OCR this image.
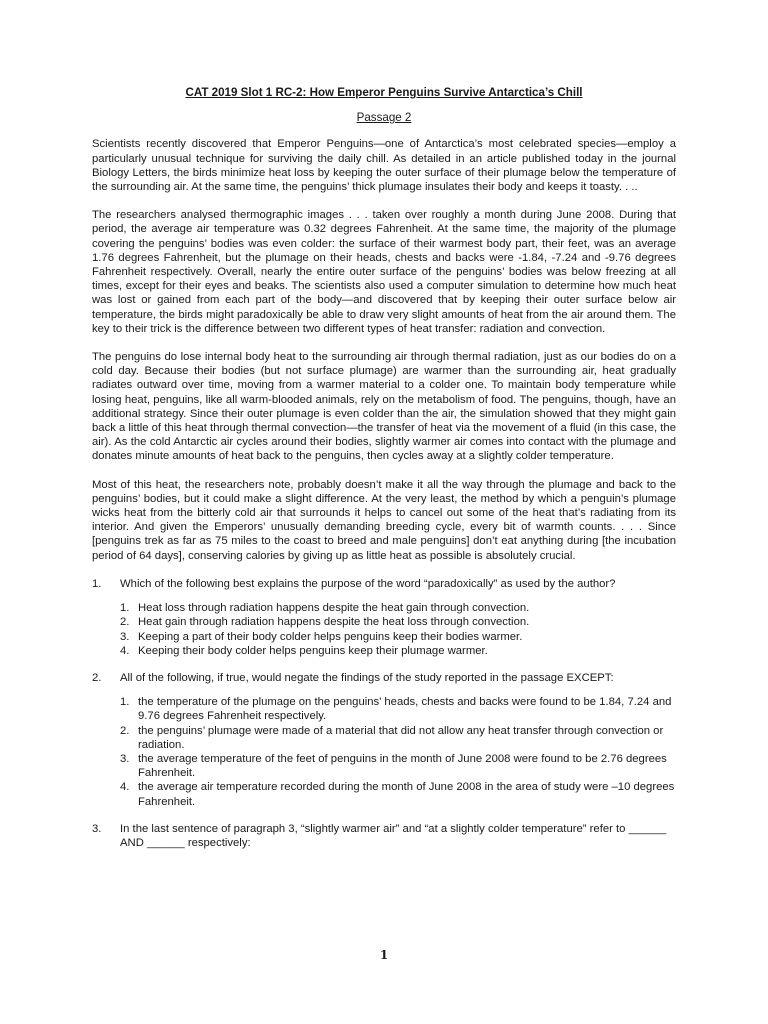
CAT 2019 Slot 1 RC-2: How Emperor Penguins Survive Antarctica’s Chill
Passage 2

Scientists recently discovered that Emperor Penguins—one of Antarctica’s most celebrated species—employ a particularly unusual technique for surviving the daily chill. As detailed in an article published today in the journal Biology Letters, the birds minimize heat loss by keeping the outer surface of their plumage below the temperature of the surrounding air. At the same time, the penguins’ thick plumage insulates their body and keeps it toasty. . ..

The researchers analysed thermographic images . . . taken over roughly a month during June 2008. During that period, the average air temperature was 0.32 degrees Fahrenheit. At the same time, the majority of the plumage covering the penguins’ bodies was even colder: the surface of their warmest body part, their feet, was an average 1.76 degrees Fahrenheit, but the plumage on their heads, chests and backs were -1.84, -7.24 and -9.76 degrees Fahrenheit respectively. Overall, nearly the entire outer surface of the penguins’ bodies was below freezing at all times, except for their eyes and beaks. The scientists also used a computer simulation to determine how much heat was lost or gained from each part of the body—and discovered that by keeping their outer surface below air temperature, the birds might paradoxically be able to draw very slight amounts of heat from the air around them. The key to their trick is the difference between two different types of heat transfer: radiation and convection.

The penguins do lose internal body heat to the surrounding air through thermal radiation, just as our bodies do on a cold day. Because their bodies (but not surface plumage) are warmer than the surrounding air, heat gradually radiates outward over time, moving from a warmer material to a colder one. To maintain body temperature while losing heat, penguins, like all warm-blooded animals, rely on the metabolism of food. The penguins, though, have an additional strategy. Since their outer plumage is even colder than the air, the simulation showed that they might gain back a little of this heat through thermal convection—the transfer of heat via the movement of a fluid (in this case, the air). As the cold Antarctic air cycles around their bodies, slightly warmer air comes into contact with the plumage and donates minute amounts of heat back to the penguins, then cycles away at a slightly colder temperature.

Most of this heat, the researchers note, probably doesn’t make it all the way through the plumage and back to the penguins’ bodies, but it could make a slight difference. At the very least, the method by which a penguin’s plumage wicks heat from the bitterly cold air that surrounds it helps to cancel out some of the heat that’s radiating from its interior. And given the Emperors’ unusually demanding breeding cycle, every bit of warmth counts. . . . Since [penguins trek as far as 75 miles to the coast to breed and male penguins] don’t eat anything during [the incubation period of 64 days], conserving calories by giving up as little heat as possible is absolutely crucial.

1.	Which of the following best explains the purpose of the word “paradoxically” as used by the author?
1. Heat loss through radiation happens despite the heat gain through convection.
2. Heat gain through radiation happens despite the heat loss through convection.
3. Keeping a part of their body colder helps penguins keep their bodies warmer.
4. Keeping their body colder helps penguins keep their plumage warmer.
2.	All of the following, if true, would negate the findings of the study reported in the passage EXCEPT:
1. the temperature of the plumage on the penguins’ heads, chests and backs were found to be 1.84, 7.24 and 9.76 degrees Fahrenheit respectively.
2. the penguins’ plumage were made of a material that did not allow any heat transfer through convection or radiation.
3. the average temperature of the feet of penguins in the month of June 2008 were found to be 2.76 degrees Fahrenheit.
4. the average air temperature recorded during the month of June 2008 in the area of study were –10 degrees Fahrenheit.
3.	In the last sentence of paragraph 3, “slightly warmer air” and “at a slightly colder temperature” refer to ______ AND ______ respectively:
1
